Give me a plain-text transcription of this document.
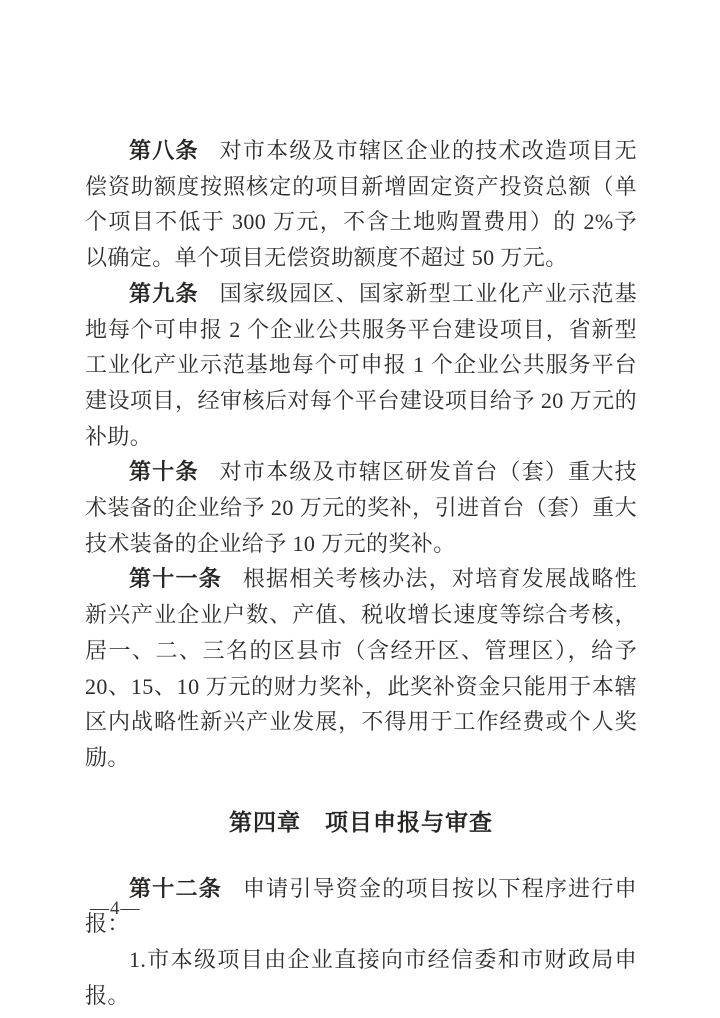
第八条 对市本级及市辖区企业的技术改造项目无偿资助额度按照核定的项目新增固定资产投资总额（单个项目不低于 300 万元，不含土地购置费用）的 2%予以确定。单个项目无偿资助额度不超过 50 万元。

第九条 国家级园区、国家新型工业化产业示范基地每个可申报 2 个企业公共服务平台建设项目，省新型工业化产业示范基地每个可申报 1 个企业公共服务平台建设项目，经审核后对每个平台建设项目给予 20 万元的补助。

第十条 对市本级及市辖区研发首台（套）重大技术装备的企业给予 20 万元的奖补，引进首台（套）重大技术装备的企业给予 10 万元的奖补。

第十一条 根据相关考核办法，对培育发展战略性新兴产业企业户数、产值、税收增长速度等综合考核，居一、二、三名的区县市（含经开区、管理区），给予 20、15、10 万元的财力奖补，此奖补资金只能用于本辖区内战略性新兴产业发展，不得用于工作经费或个人奖励。

第四章　项目申报与审查

第十二条 申请引导资金的项目按以下程序进行申报：

1.市本级项目由企业直接向市经信委和市财政局申报。

—4—
